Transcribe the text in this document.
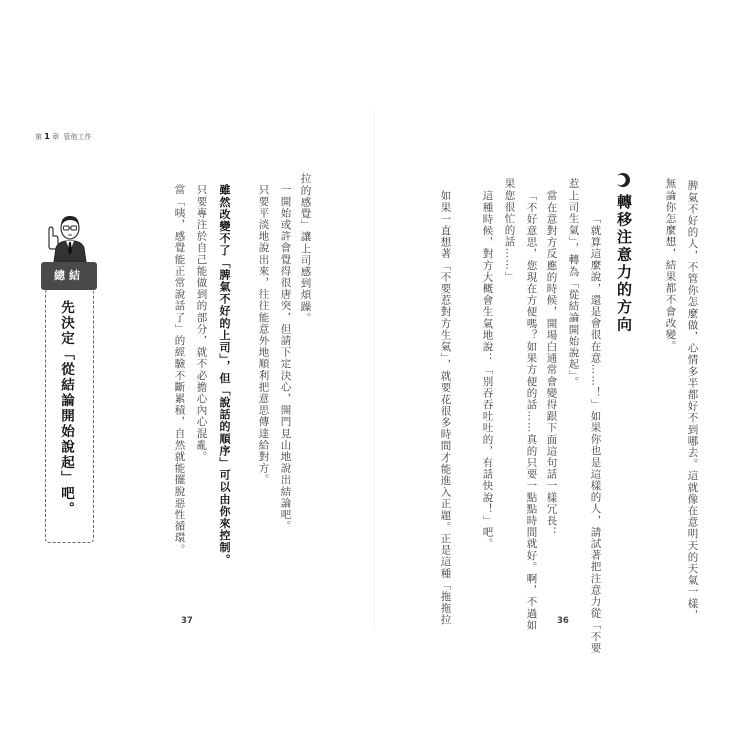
第 1 章 管他工作
總結
先決定「從結論開始說起」吧。
拉的感覺」讓上司感到煩躁。
一開始或許會覺得很唐突，但請下定決心，開門見山地說出結論吧。
只要平淡地說出來，往往能意外地順利把意思傳達給對方。
雖然改變不了「脾氣不好的上司」，但「說話的順序」可以由你來控制。
只要專注於自己能做到的部分，就不必擔心內心混亂。
當「咦，感覺能正常說話了」的經驗不斷累積，自然就能擺脫惡性循環。
37
脾氣不好的人，不管你怎麼做，心情多半都好不到哪去。這就像在意明天的天氣一樣，
無論你怎麼想，結果都不會改變。
轉移注意力的方向
「就算這麼說，還是會很在意……！」如果你也是這樣的人，請試著把注意力從「不要
惹上司生氣」，轉為「從結論開始說起」。
當在意對方反應的時候，開場白通常會變得跟下面這句話一樣冗長：
「不好意思，您現在方便嗎？如果方便的話……真的只要一點點時間就好。啊，不過如
果您很忙的話……」
這種時候，對方大概會生氣地說：「別吞吞吐吐的，有話快說！」吧。
如果一直想著「不要惹對方生氣」，就要花很多時間才能進入正題。正是這種「拖拖拉	36
